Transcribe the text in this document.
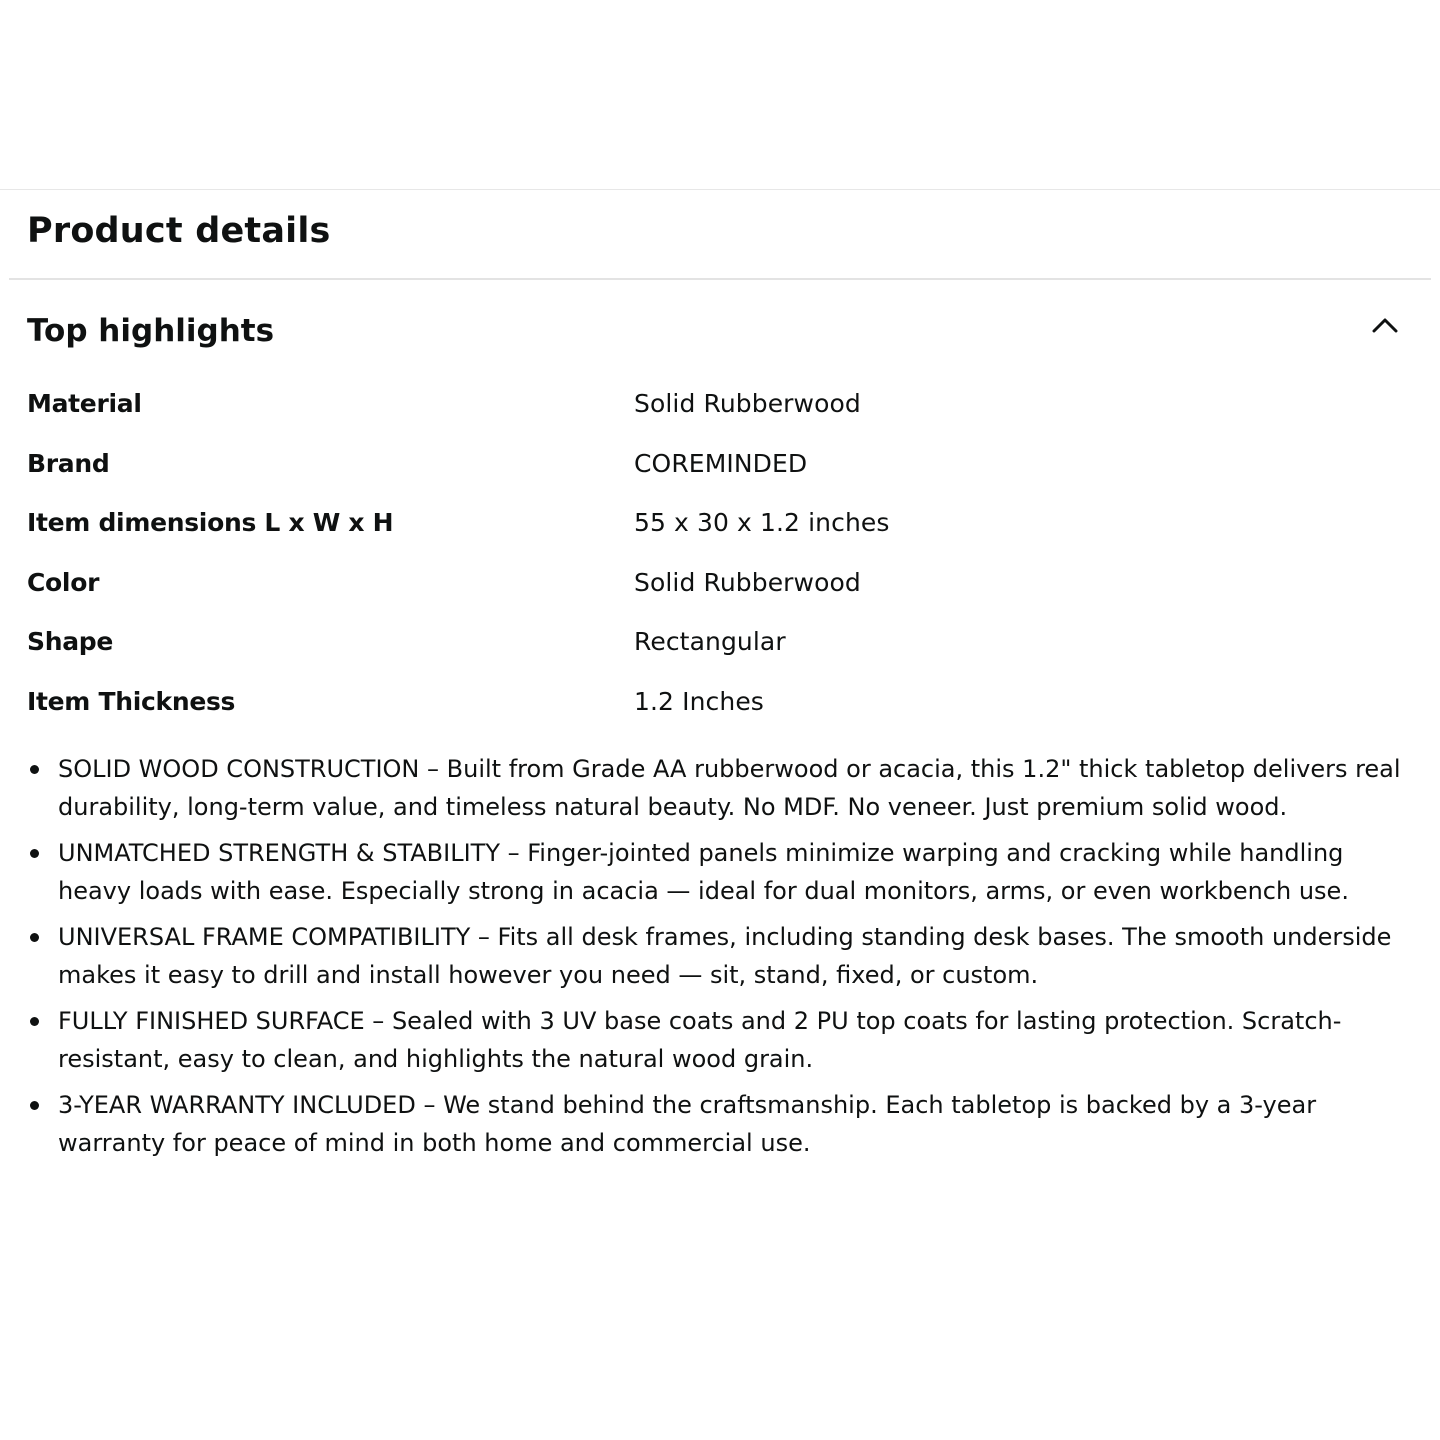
Product details
Top highlights
Material	Solid Rubberwood
Brand	COREMINDED
Item dimensions L x W x H	55 x 30 x 1.2 inches
Color	Solid Rubberwood
Shape	Rectangular
Item Thickness	1.2 Inches
SOLID WOOD CONSTRUCTION – Built from Grade AA rubberwood or acacia, this 1.2" thick tabletop delivers real durability, long-term value, and timeless natural beauty. No MDF. No veneer. Just premium solid wood.
UNMATCHED STRENGTH & STABILITY – Finger-jointed panels minimize warping and cracking while handling heavy loads with ease. Especially strong in acacia — ideal for dual monitors, arms, or even workbench use.
UNIVERSAL FRAME COMPATIBILITY – Fits all desk frames, including standing desk bases. The smooth underside makes it easy to drill and install however you need — sit, stand, fixed, or custom.
FULLY FINISHED SURFACE – Sealed with 3 UV base coats and 2 PU top coats for lasting protection. Scratch-resistant, easy to clean, and highlights the natural wood grain.
3-YEAR WARRANTY INCLUDED – We stand behind the craftsmanship. Each tabletop is backed by a 3-year warranty for peace of mind in both home and commercial use.
